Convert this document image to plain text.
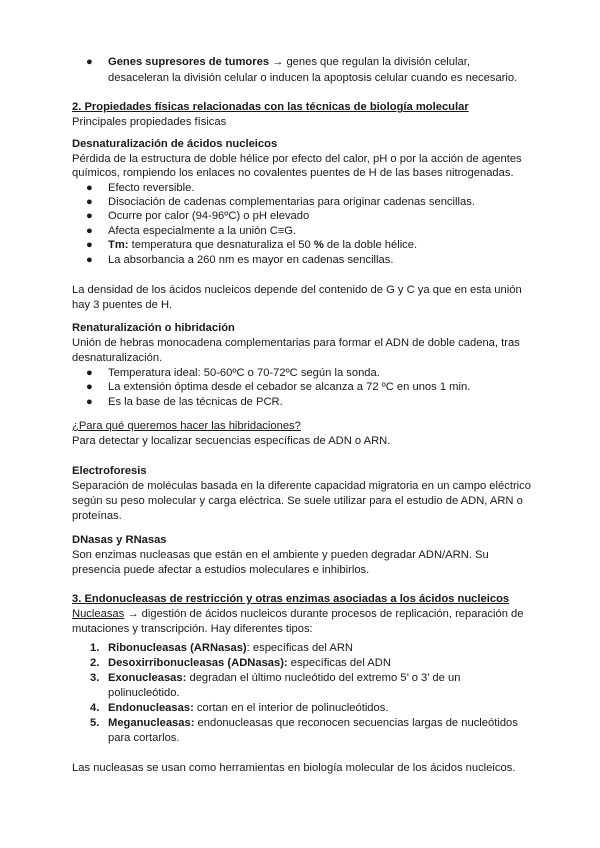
● Genes supresores de tumores → genes que regulan la división celular,
desaceleran la división celular o inducen la apoptosis celular cuando es necesario.
2. Propiedades físicas relacionadas con las técnicas de biología molecular
Principales propiedades físicas
Desnaturalización de ácidos nucleicos
Pérdida de la estructura de doble hélice por efecto del calor, pH o por la acción de agentes
químicos, rompiendo los enlaces no covalentes puentes de H de las bases nitrogenadas.
● Efecto reversible.
● Disociación de cadenas complementarias para originar cadenas sencillas.
● Ocurre por calor (94-96ºC) o pH elevado
● Afecta especialmente a la unión C≡G.
● Tm: temperatura que desnaturaliza el 50 % de la doble hélice.
● La absorbancia a 260 nm es mayor en cadenas sencillas.
La densidad de los ácidos nucleicos depende del contenido de G y C ya que en esta unión
hay 3 puentes de H.
Renaturalización o hibridación
Unión de hebras monocadena complementarias para formar el ADN de doble cadena, tras
desnaturalización.
● Temperatura ideal: 50-60ºC o 70-72ºC según la sonda.
● La extensión óptima desde el cebador se alcanza a 72 ºC en unos 1 min.
● Es la base de las técnicas de PCR.
¿Para qué queremos hacer las hibridaciones?
Para detectar y localizar secuencias específicas de ADN o ARN.
Electroforesis
Separación de moléculas basada en la diferente capacidad migratoria en un campo eléctrico
según su peso molecular y carga eléctrica. Se suele utilizar para el estudio de ADN, ARN o
proteínas.
DNasas y RNasas
Son enzimas nucleasas que están en el ambiente y pueden degradar ADN/ARN. Su
presencia puede afectar a estudios moleculares e inhibirlos.
3. Endonucleasas de restricción y otras enzimas asociadas a los ácidos nucleicos
Nucleasas → digestión de ácidos nucleicos durante procesos de replicación, reparación de
mutaciones y transcripción. Hay diferentes tipos:
1. Ribonucleasas (ARNasas): específicas del ARN
2. Desoxirribonucleasas (ADNasas): específicas del ADN
3. Exonucleasas: degradan el último nucleótido del extremo 5’ o 3’ de un
polinucleótido.
4. Endonucleasas: cortan en el interior de polinucleótidos.
5. Meganucleasas: endonucleasas que reconocen secuencias largas de nucleótidos
para cortarlos.
Las nucleasas se usan como herramientas en biología molecular de los ácidos nucleicos.
